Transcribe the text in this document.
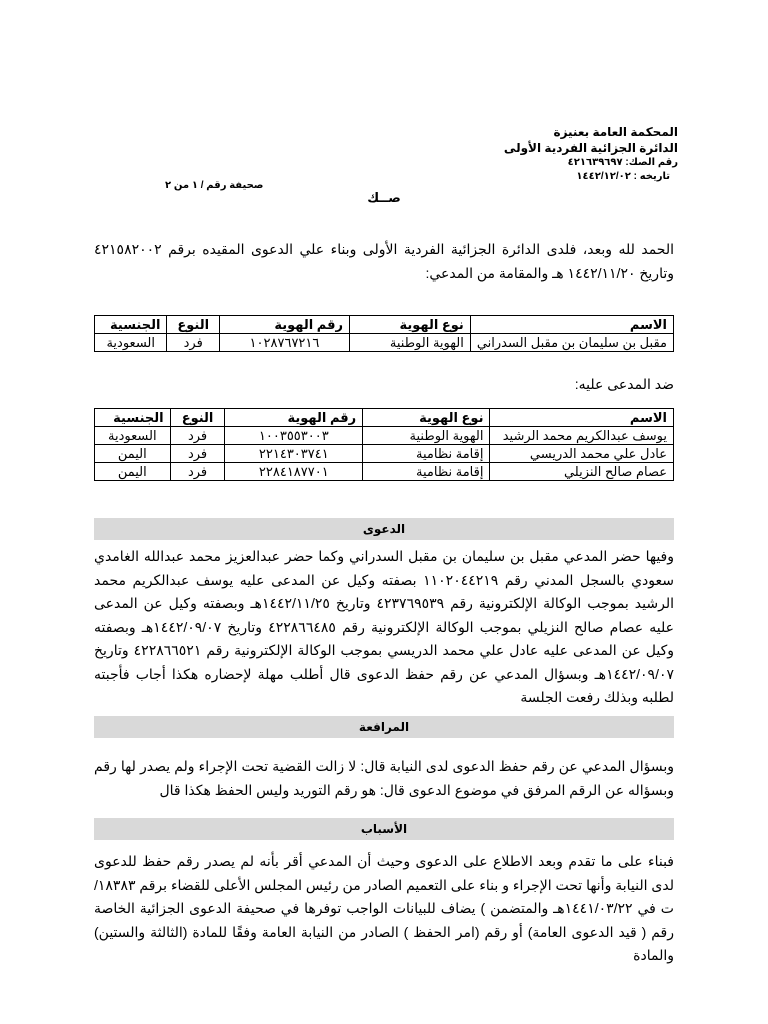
المحكمة العامة بعنيزة
الدائرة الجزائية الفردية الأولى
رقم الصك: ٤٢١٦٣٩٦٩٧
تاريخه : ١٤٤٢/١٢/٠٢
صحيفة رقم / ١ من ٢
صــك
الحمد لله وبعد، فلدى الدائرة الجزائية الفردية الأولى وبناء علي الدعوى المقيده برقم ٤٢١٥٨٢٠٠٢ وتاريخ ١٤٤٢/١١/٢٠ هـ والمقامة من المدعي:
الاسم	نوع الهوية	رقم الهوية	النوع	الجنسية
مقبل بن سليمان بن مقبل السدراني	الهوية الوطنية	١٠٢٨٧٦٧٢١٦	فرد	السعودية
ضد المدعى عليه:
الاسم	نوع الهوية	رقم الهوية	النوع	الجنسية
يوسف عبدالكريم محمد الرشيد	الهوية الوطنية	١٠٠٣٥٥٣٠٠٣	فرد	السعودية
عادل علي محمد الدريسي	إقامة نظامية	٢٢١٤٣٠٣٧٤١	فرد	اليمن
عصام صالح النزيلي	إقامة نظامية	٢٢٨٤١٨٧٧٠١	فرد	اليمن
الدعوى
وفيها حضر المدعي مقبل بن سليمان بن مقبل السدراني وكما حضر عبدالعزيز محمد عبدالله الغامدي سعودي بالسجل المدني رقم ١١٠٢٠٤٤٢١٩ بصفته وكيل عن المدعى عليه يوسف عبدالكريم محمد الرشيد بموجب الوكالة الإلكترونية رقم ٤٢٣٧٦٩٥٣٩ وتاريخ ١٤٤٢/١١/٢٥هـ وبصفته وكيل عن المدعى عليه عصام صالح النزيلي بموجب الوكالة الإلكترونية رقم ٤٢٢٨٦٦٤٨٥ وتاريخ ١٤٤٢/٠٩/٠٧هـ وبصفته وكيل عن المدعى عليه عادل علي محمد الدريسي بموجب الوكالة الإلكترونية رقم ٤٢٢٨٦٦٥٢١ وتاريخ ١٤٤٢/٠٩/٠٧هـ وبسؤال المدعي عن رقم حفظ الدعوى قال أطلب مهلة لإحضاره هكذا أجاب فأجبته لطلبه وبذلك رفعت الجلسة
المرافعة
وبسؤال المدعي عن رقم حفظ الدعوى لدى النيابة قال: لا زالت القضية تحت الإجراء ولم يصدر لها رقم وبسؤاله عن الرقم المرفق في موضوع الدعوى قال: هو رقم التوريد وليس الحفظ هكذا قال
الأسباب
فبناء على ما تقدم وبعد الاطلاع على الدعوى وحيث أن المدعي أقر بأنه لم يصدر رقم حفظ للدعوى لدى النيابة وأنها تحت الإجراء و بناء على التعميم الصادر من رئيس المجلس الأعلى للقضاء برقم ١٨٣٨٣/ت في ١٤٤١/٠٣/٢٢هـ والمتضمن ) يضاف للبيانات الواجب توفرها في صحيفة الدعوى الجزائية الخاصة رقم ( قيد الدعوى العامة) أو رقم (امر الحفظ ) الصادر من النيابة العامة وفقًا للمادة (الثالثة والستين) والمادة
